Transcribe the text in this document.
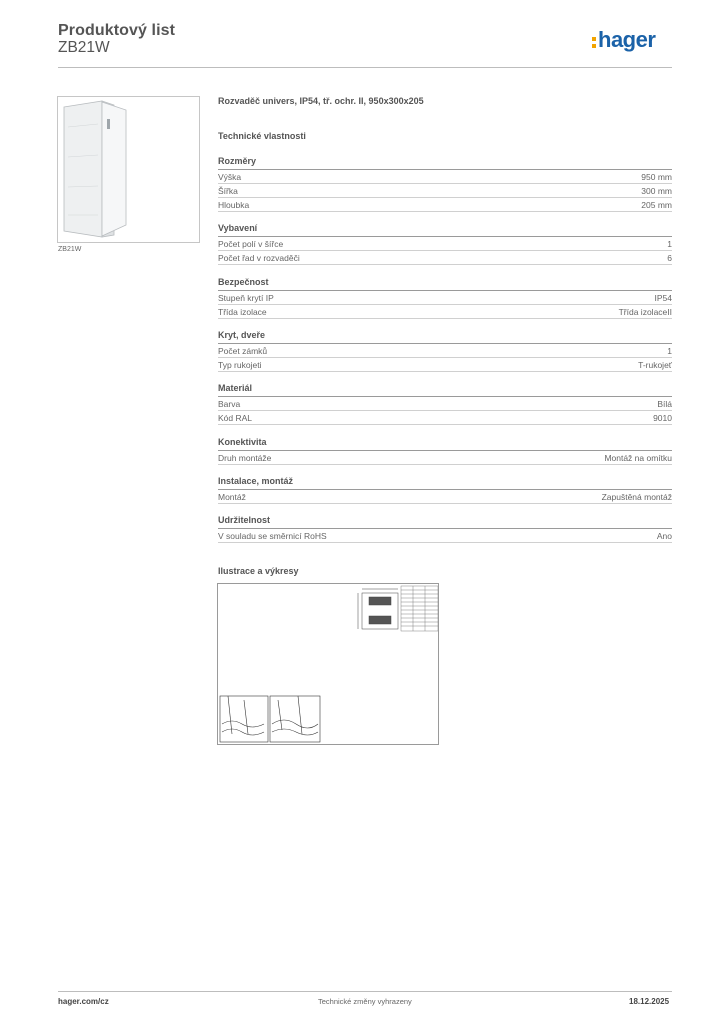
Produktový list
ZB21W	hager
ZB21W
Rozvaděč univers, IP54, tř. ochr. II, 950x300x205
Technické vlastnosti
Rozměry
Výška	950 mm
Šířka	300 mm
Hloubka	205 mm
Vybavení
Počet polí v šířce	1
Počet řad v rozvaděči	6
Bezpečnost
Stupeň krytí IP	IP54
Třída izolace	Třída izolaceII
Kryt, dveře
Počet zámků	1
Typ rukojeti	T-rukojeť
Materiál
Barva	Bílá
Kód RAL	9010
Konektivita
Druh montáže	Montáž na omítku
Instalace, montáž
Montáž	Zapuštěná montáž
Udržitelnost
V souladu se směrnicí RoHS	Ano
Ilustrace a výkresy
hager.com/cz	Technické změny vyhrazeny	18.12.2025
